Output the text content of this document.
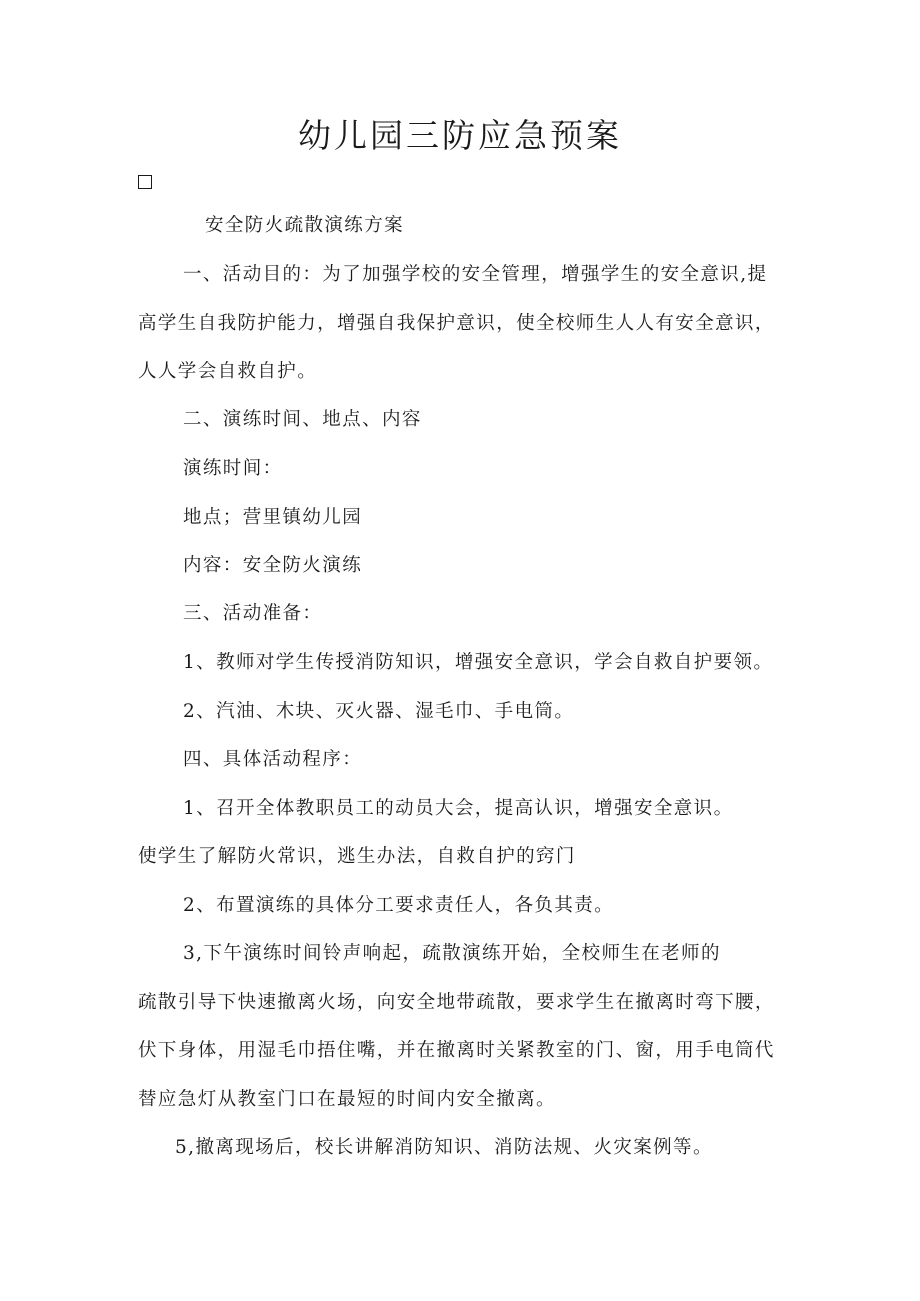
幼儿园三防应急预案

安全防火疏散演练方案

一、活动目的：为了加强学校的安全管理，增强学生的安全意识,提

高学生自我防护能力，增强自我保护意识，使全校师生人人有安全意识，

人人学会自救自护。

二、演练时间、地点、内容

演练时间：

地点；营里镇幼儿园

内容：安全防火演练

三、活动准备：

1、教师对学生传授消防知识，增强安全意识，学会自救自护要领。

2、汽油、木块、灭火器、湿毛巾、手电筒。

四、具体活动程序：

1、召开全体教职员工的动员大会，提高认识，增强安全意识。

使学生了解防火常识，逃生办法，自救自护的窍门

2、布置演练的具体分工要求责任人，各负其责。

3,下午演练时间铃声响起，疏散演练开始，全校师生在老师的

疏散引导下快速撤离火场，向安全地带疏散，要求学生在撤离时弯下腰，

伏下身体，用湿毛巾捂住嘴，并在撤离时关紧教室的门、窗，用手电筒代

替应急灯从教室门口在最短的时间内安全撤离。

5,撤离现场后，校长讲解消防知识、消防法规、火灾案例等。
